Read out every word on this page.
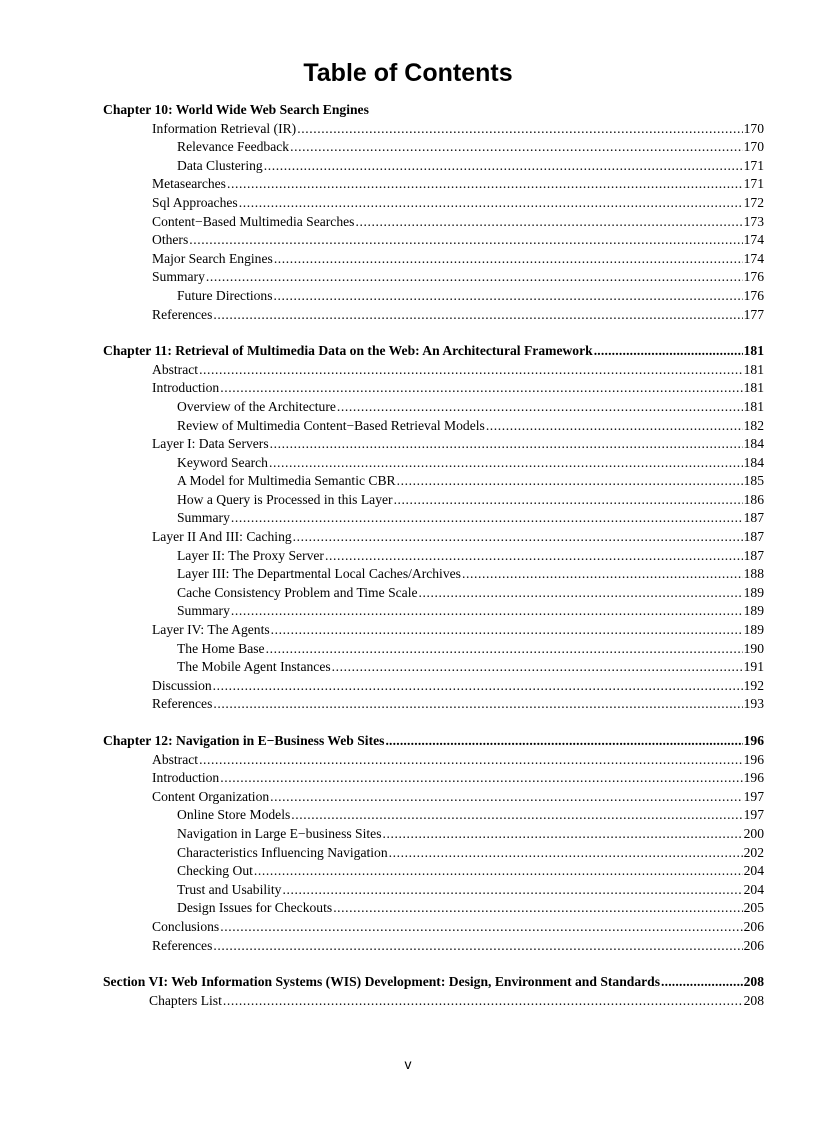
Table of Contents
Chapter 10: World Wide Web Search Engines
Information Retrieval (IR) .....	170
Relevance Feedback .....	170
Data Clustering .....	171
Metasearches .....	171
Sql Approaches .....	172
Content−Based Multimedia Searches .....	173
Others .....	174
Major Search Engines .....	174
Summary .....	176
Future Directions .....	176
References .....	177
Chapter 11: Retrieval of Multimedia Data on the Web: An Architectural Framework .....	181
Abstract .....	181
Introduction .....	181
Overview of the Architecture .....	181
Review of Multimedia Content−Based Retrieval Models .....	182
Layer I: Data Servers .....	184
Keyword Search .....	184
A Model for Multimedia Semantic CBR .....	185
How a Query is Processed in this Layer .....	186
Summary .....	187
Layer II And III: Caching .....	187
Layer II: The Proxy Server .....	187
Layer III: The Departmental Local Caches/Archives .....	188
Cache Consistency Problem and Time Scale .....	189
Summary .....	189
Layer IV: The Agents .....	189
The Home Base .....	190
The Mobile Agent Instances .....	191
Discussion .....	192
References .....	193
Chapter 12: Navigation in E−Business Web Sites .....	196
Abstract .....	196
Introduction .....	196
Content Organization .....	197
Online Store Models .....	197
Navigation in Large E−business Sites .....	200
Characteristics Influencing Navigation .....	202
Checking Out .....	204
Trust and Usability .....	204
Design Issues for Checkouts .....	205
Conclusions .....	206
References .....	206
Section VI: Web Information Systems (WIS) Development: Design, Environment and Standards .....	208
Chapters List .....	208
v
